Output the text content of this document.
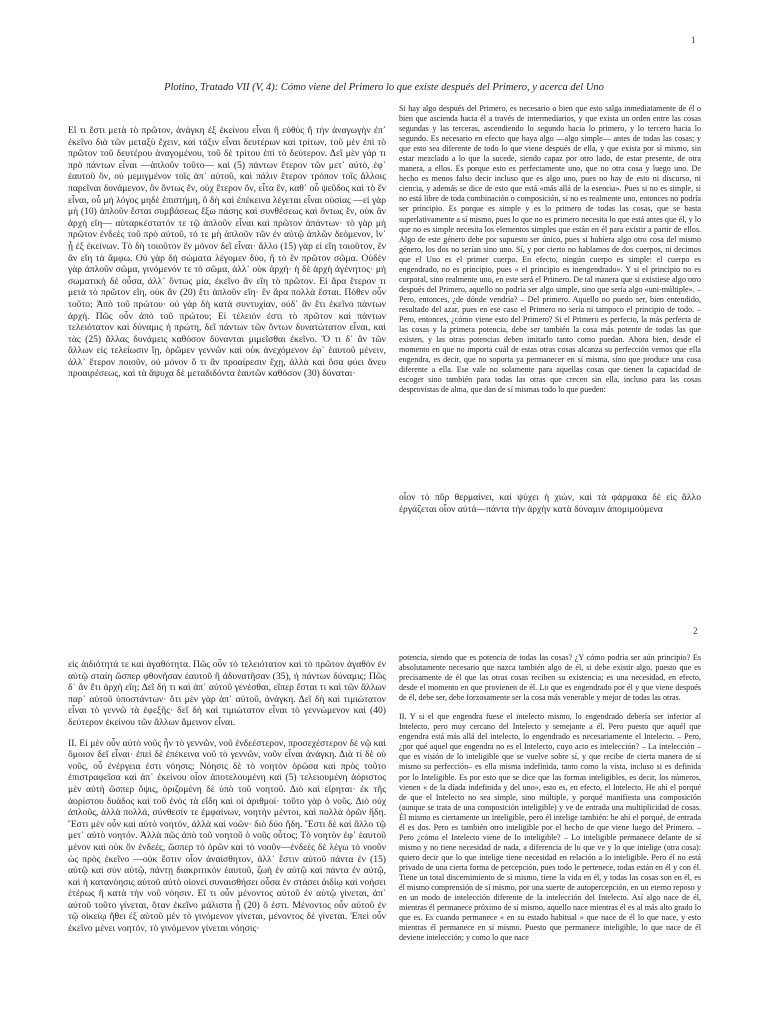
1
Plotino, Tratado VII (V, 4): Cómo viene del Primero lo que existe después del Primero, y acerca del Uno

Εἴ τι ἔστι μετὰ τὸ πρῶτον, ἀνάγκη ἐξ ἐκείνου εἶναι ἢ εὐθὺς ἢ τὴν ἀναγωγὴν ἐπ᾽ ἐκεῖνο διὰ τῶν μεταξὺ ἔχειν, καὶ τάξιν εἶναι δευτέρων καὶ τρίτων, τοῦ μὲν ἐπὶ τὸ πρῶτον τοῦ δευτέρου ἀναγομένου, τοῦ δὲ τρίτου ἐπὶ τὸ δεύτερον. Δεῖ μὲν γάρ τι πρὸ πάντων εἶναι —ἁπλοῦν τοῦτο— καὶ (5) πάντων ἕτερον τῶν μετ᾽ αὐτό, ἐφ᾽ ἑαυτοῦ ὄν, οὐ μεμιγμένον τοῖς ἀπ᾽ αὐτοῦ, καὶ πάλιν ἕτερον τρόπον τοῖς ἄλλοις παρεῖναι δυνάμενον, ὂν ὄντως ἕν, οὐχ ἕτερον ὄν, εἶτα ἕν, καθ᾽ οὗ ψεῦδος καὶ τὸ ἓν εἶναι, οὗ μὴ λόγος μηδὲ ἐπιστήμη, ὃ δὴ καὶ ἐπέκεινα λέγεται εἶναι οὐσίας —εἰ γὰρ μὴ (10) ἁπλοῦν ἔσται συμβάσεως ἔξω πάσης καὶ συνθέσεως καὶ ὄντως ἕν, οὐκ ἂν ἀρχὴ εἴη— αὐταρκέστατόν τε τῷ ἁπλοῦν εἶναι καὶ πρῶτον ἁπάντων· τὸ γὰρ μὴ πρῶτον ἐνδεὲς τοῦ πρὸ αὐτοῦ, τό τε μὴ ἁπλοῦν τῶν ἐν αὐτῷ ἁπλῶν δεόμενον, ἵν᾽ ᾖ ἐξ ἐκείνων. Τὸ δὴ τοιοῦτον ἓν μόνον δεῖ εἶναι· ἄλλο (15) γὰρ εἰ εἴη τοιοῦτον, ἓν ἂν εἴη τὰ ἄμφω. Οὐ γὰρ δὴ σώματα λέγομεν δύο, ἢ τὸ ἓν πρῶτον σῶμα. Οὐδὲν γὰρ ἁπλοῦν σῶμα, γινόμενόν τε τὸ σῶμα, ἀλλ᾽ οὐκ ἀρχή· ἡ δὲ ἀρχὴ ἀγένητος· μὴ σωματικὴ δὲ οὖσα, ἀλλ᾽ ὄντως μία, ἐκεῖνο ἂν εἴη τὸ πρῶτον. Εἰ ἄρα ἕτερον τι μετὰ τὸ πρῶτον εἴη, οὐκ ἂν (20) ἔτι ἁπλοῦν εἴη· ἓν ἄρα πολλὰ ἔσται. Πόθεν οὖν τοῦτο; Ἀπὸ τοῦ πρώτου· οὐ γὰρ δὴ κατὰ συντυχίαν, οὐδ᾽ ἂν ἔτι ἐκεῖνο πάντων ἀρχή. Πῶς οὖν ἀπὸ τοῦ πρώτου; Εἰ τέλειόν ἐστι τὸ πρῶτον καὶ πάντων τελειότατον καὶ δύναμις ἡ πρώτη, δεῖ πάντων τῶν ὄντων δυνατώτατον εἶναι, καὶ τὰς (25) ἄλλας δυνάμεις καθόσον δύνανται μιμεῖσθαι ἐκεῖνο. Ὅ τι δ᾽ ἂν τῶν ἄλλων εἰς τελείωσιν ἴῃ, ὁρῶμεν γεννῶν καὶ οὐκ ἀνεχόμενον ἐφ᾽ ἑαυτοῦ μένειν, ἀλλ᾽ ἕτερον ποιοῦν, οὐ μόνον ὅ τι ἂν προαίρεσιν ἔχῃ, ἀλλὰ καὶ ὅσα φύει ἄνευ προαιρέσεως, καὶ τὰ ἄψυχα δὲ μεταδιδόντα ἑαυτῶν καθόσον (30) δύναται·

Si hay algo después del Primero, es necesario o bien que esto salga inmediatamente de él o bien que ascienda hacia él a través de intermediarios, y que exista un orden entre las cosas segundas y las terceras, ascendiendo lo segundo hacia lo primero, y lo tercero hacia lo segundo. Es necesario en efecto que haya algo —algo simple— antes de todas las cosas; y que esto sea diferente de todo lo que viene después de ella, y que exista por sí mismo, sin estar mezclado a lo que la sucede, siendo capaz por otro lado, de estar presente, de otra manera, a ellos. Es porque esto es perfectamente uno, que no otra cosa y luego uno. De hecho es menos falso decir incluso que es algo uno, pues no hay de esto ni discurso, ni ciencia, y además se dice de esto que está «más allá de la esencia». Pues si no es simple, si no está libre de toda combinación o composición, si no es realmente uno, entonces no podría ser principio. Es porque es simple y es lo primero de todas las cosas, que se basta superlativamente a sí mismo, pues lo que no es primero necesita lo que está antes que él, y lo que no es simple necesita los elementos simples que están en él para existir a partir de ellos. Algo de este género debe por supuesto ser único, pues si hubiera algo otro cosa del mismo género, los dos no serían sino uno. Sí, y por cierto no hablamos de dos cuerpos, ni decimos que el Uno es el primer cuerpo. En efecto, ningún cuerpo es simple: el cuerpo es engendrado, no es principio, pues « el principio es inengendrado». Y si el principio no es corporal, sino realmente uno, en este será el Primero. De tal manera que si existiese algo otro después del Primero, aquello no podría ser algo simple, sino que sería algo «uni-múltiple». – Pero, entonces, ¿de dónde vendría? – Del primero. Aquello no puedo ser, bien entendido, resultado del azar, pues en ese caso el Primero no sería ni tampoco el principio de todo. – Pero, entonces, ¿cómo viene esto del Primero? Si el Primero es perfecto, la más perfecta de las cosas y la primera potencia, debe ser también la cosa más potente de todas las que existen, y las otras potencias deben imitarlo tanto como puedan. Ahora bien, desde el momento en que no importa cuál de estas otras cosas alcanza su perfección vemos que ella engendra, es decir, que no soporta ya permanecer en sí misma, sino que produce una cosa diferente a ella. Ese vale no solamente para aquellas cosas que tienen la capacidad de escoger sino también para todas las otras que crecen sin ella, incluso para las cosas desprovistas de alma, que dan de sí mismas todo lo que pueden:

οἷον τὸ πῦρ θερμαίνει, καὶ ψύχει ἡ χιών, καὶ τὰ φάρμακα δὲ εἰς ἄλλο ἐργάζεται οἷον αὐτά—πάντα τὴν ἀρχὴν κατὰ δύναμιν ἀπομιμούμενα

2

εἰς ἀιδιότητά τε καὶ ἀγαθότητα. Πῶς οὖν τὸ τελειότατον καὶ τὸ πρῶτον ἀγαθὸν ἐν αὐτῷ σταίη ὥσπερ φθονῆσαν ἑαυτοῦ ἢ ἀδυνατῆσαν (35), ἡ πάντων δύναμις; Πῶς δ᾽ ἂν ἔτι ἀρχὴ εἴη; Δεῖ δή τι καὶ ἀπ᾽ αὐτοῦ γενέσθαι, εἴπερ ἔσται τι καὶ τῶν ἄλλων παρ᾽ αὐτοῦ ὑποστάντων· ὅτι μὲν γὰρ ἀπ᾽ αὐτοῦ, ἀνάγκη. Δεῖ δὴ καὶ τιμιώτατον εἶναι τὸ γεννῶ τὰ ἐφεξῆς· δεῖ δὴ καὶ τιμιώτατον εἶναι τὸ γεννώμενον καὶ (40) δεύτερον ἐκείνου τῶν ἄλλων ἄμεινον εἶναι.

ΙΙ. Εἰ μὲν οὖν αὐτὸ νοῦς ἦν τὸ γεννῶν, νοῦ ἐνδεέστερον, προσεχέστερον δὲ νῷ καὶ ὅμοιον δεῖ εἶναι· ἐπεὶ δὲ ἐπέκεινα νοῦ τὸ γεννῶν, νοῦν εἶναι ἀνάγκη. Διὰ τί δὲ οὐ νοῦς, οὗ ἐνέργεια ἐστι νόησις; Νόησις δὲ τὸ νοητὸν ὁρῶσα καὶ πρὸς τοῦτο ἐπιστραφεῖσα καὶ ἀπ᾽ ἐκείνου οἷον ἀποτελουμένη καὶ (5) τελειουμένη ἀόριστος μὲν αὐτὴ ὥσπερ ὄψις, ὁριζομένη δὲ ὑπὸ τοῦ νοητοῦ. Διὸ καὶ εἴρηται· ἐκ τῆς ἀορίστου δυάδος καὶ τοῦ ἑνὸς τὰ εἴδη καὶ οἱ ἀριθμοί· τοῦτο γὰρ ὁ νοῦς. Διὸ οὐχ ἁπλοῦς, ἀλλὰ πολλά, σύνθεσίν τε ἐμφαίνων, νοητὴν μέντοι, καὶ πολλὰ ὁρῶν ἤδη. Ἔστι μὲν οὖν καὶ αὐτὸ νοητόν, ἀλλὰ καὶ νοῶν· διὸ δύο ἤδη. Ἔστι δὲ καὶ ἄλλο τῷ μετ᾽ αὐτὸ νοητόν. Ἀλλὰ πῶς ἀπὸ τοῦ νοητοῦ ὁ νοῦς οὗτος; Τὸ νοητὸν ἐφ᾽ ἑαυτοῦ μένον καὶ οὐκ ὂν ἐνδεές, ὥσπερ τὸ ὁρῶν καὶ τὸ νοοῦν—ἐνδεὲς δὲ λέγω τὸ νοοῦν ὡς πρὸς ἐκεῖνο —οὐκ ἔστιν οἷον ἀναίσθητον, ἀλλ᾽ ἔστιν αὐτοῦ πάντα ἐν (15) αὐτῷ καὶ σὺν αὐτῷ, πάντῃ διακριτικὸν ἑαυτοῦ, ζωὴ ἐν αὐτῷ καὶ πάντα ἐν αὐτῷ, καὶ ἡ κατανόησις αὐτοῦ αὐτὸ οἱονεὶ συναισθήσει οὖσα ἐν στάσει ἀιδίῳ καὶ νοήσει ἑτέρως ἢ κατὰ τὴν νοῦ νόησιν. Εἴ τι οὖν μένοντος αὐτοῦ ἐν αὐτῷ γίνεται, ἀπ᾽ αὐτοῦ τοῦτο γίνεται, ὅταν ἐκεῖνο μάλιστα ᾖ (20) ὅ ἐστι. Μένοντος οὖν αὐτοῦ ἐν τῷ οἰκείῳ ἤθει ἐξ αὐτοῦ μὲν τὸ γινόμενον γίνεται, μένοντος δὲ γίνεται. Ἐπεὶ οὖν ἐκεῖνο μένει νοητόν, τὸ γινόμενον γίνεται νόησις·

potencia, siendo que es potencia de todas las cosas? ¿Y cómo podría ser aún principio? Es absolutamente necesario que nazca también algo de él, si debe existir algo, puesto que es precisamente de él que las otras cosas reciben su existencia; es una necesidad, en efecto, desde el momento en que provienen de él. Lo que es engendrado por él y que viene después de él, debe ser, debe forzosamente ser la cosa más venerable y mejor de todas las otras.

II. Y si el que engendra fuese el intelecto mismo, lo engendrado debería ser inferior al Intelecto, pero muy cercano del Intelecto y semejante a él. Pero puesto que aquél que engendra está más allá del intelecto, lo engendrado es necesariamente el Intelecto. – Pero, ¿por qué aquel que engendra no es el Intelecto, cuyo acto es intelección? – La intelección –que es visión de lo inteligible que se vuelve sobre sí, y que recibe de cierta manera de sí mismo su perfección– es ella misma indefinida, tanto como la vista, incluso si es definida por lo Inteligible. Es por esto que se dice que las formas inteligibles, es decir, los números, vienen « de la díada indefinida y del uno», esto es, en efecto, el Intelecto. He ahí el porqué de que el Intelecto no sea simple, sino múltiple, y porqué manifiesta una composición (aunque se trata de una composición inteligible) y ve de entrada una multiplicidad de cosas. Él mismo es ciertamente un inteligible, pero él intelige también: he ahí el porqué, de entrada él es dos. Pero es también otro inteligible por el hecho de que viene luego del Primero. – Pero ¿cómo el Intelecto viene de lo inteligible? – Lo inteligible permanece delante de sí mismo y no tiene necesidad de nada, a diferencia de lo que ve y lo que intelige (otra cosa): quiero decir que lo que intelige tiene necesidad en relación a lo inteligible. Pero él no está privado de una cierta forma de percepción, pues todo le pertenece, todas están en él y con él. Tiene un total discernimiento de sí mismo, tiene la vida en él, y todas las cosas son en él, es él mismo comprensión de sí mismo, por una suerte de autopercepción, en un eterno reposo y en un modo de intelección diferente de la intelección del Intelecto. Así algo nace de él, mientras él permanece próximo de sí mismo, aquello nace mientras él es al más alto grado lo que es. Es cuando permanece « en su estado habitual » que nace de él lo que nace, y esto mientras él permanece en sí mismo. Puesto que permanece inteligible, lo que nace de él deviene intelección; y como lo que nace
